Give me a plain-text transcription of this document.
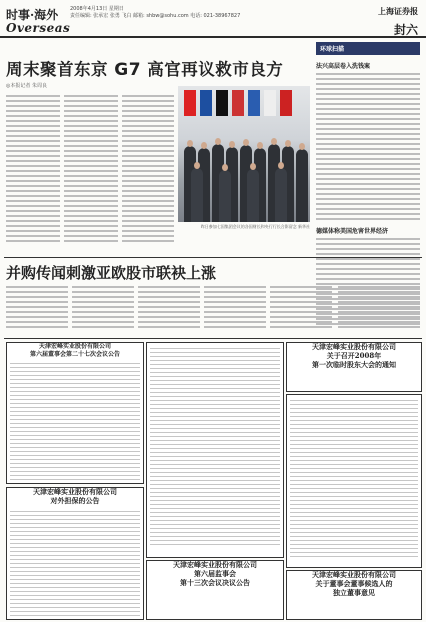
时事·海外
Overseas
2008年4月13日 星期日
责任编辑: 张承宏 张勇 飞白 邮箱: shbw@sohu.com 电话: 021-38967827	上海证券报
封六
周末聚首东京 G7 高官再议救市良方
◎本报记者 朱周良
昨日参加七国集团会议的各国财长和央行行长合影留念 新华社
环球扫描
法兴高层卷入洗钱案
德媒体称美国危害世界经济
并购传闻刺激亚欧股市联袂上涨
天津宏峰实业股份有限公司
第六届董事会第二十七次会议公告
天津宏峰实业股份有限公司
对外担保的公告
天津宏峰实业股份有限公司
第六届监事会
第十三次会议决议公告
天津宏峰实业股份有限公司
关于召开2008年
第一次临时股东大会的通知
天津宏峰实业股份有限公司
关于董事会董事候选人的
独立董事意见
